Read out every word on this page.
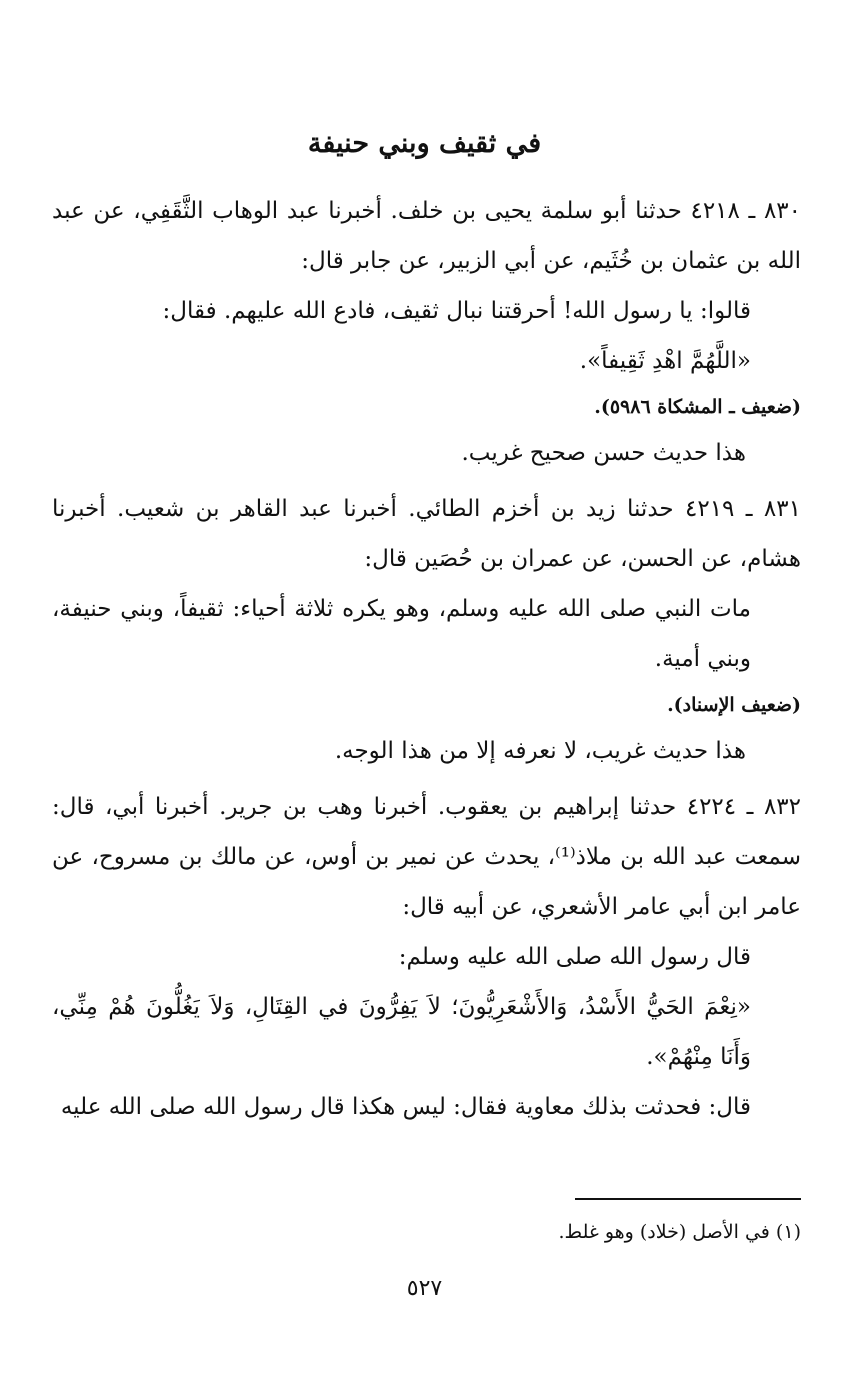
في ثقيف وبني حنيفة

٨٣٠ ـ ٤٢١٨ حدثنا أبو سلمة يحيى بن خلف. أخبرنا عبد الوهاب الثَّقَفِي، عن عبد الله بن عثمان بن خُثَيم، عن أبي الزبير، عن جابر قال:

قالوا: يا رسول الله! أحرقتنا نبال ثقيف، فادع الله عليهم. فقال:

«اللَّهُمَّ اهْدِ ثَقِيفاً».

(ضعيف ـ المشكاة ٥٩٨٦).

هذا حديث حسن صحيح غريب.

٨٣١ ـ ٤٢١٩ حدثنا زيد بن أخزم الطائي. أخبرنا عبد القاهر بن شعيب. أخبرنا هشام، عن الحسن، عن عمران بن حُصَين قال:

مات النبي صلى الله عليه وسلم، وهو يكره ثلاثة أحياء: ثقيفاً، وبني حنيفة، وبني أمية.

(ضعيف الإسناد).

هذا حديث غريب، لا نعرفه إلا من هذا الوجه.

٨٣٢ ـ ٤٢٢٤ حدثنا إبراهيم بن يعقوب. أخبرنا وهب بن جرير. أخبرنا أبي، قال: سمعت عبد الله بن ملاذ⁽¹⁾، يحدث عن نمير بن أوس، عن مالك بن مسروح، عن عامر ابن أبي عامر الأشعري، عن أبيه قال:

قال رسول الله صلى الله عليه وسلم:

«نِعْمَ الحَيُّ الأَسْدُ، وَالأَشْعَرِيُّونَ؛ لاَ يَفِرُّونَ في القِتَالِ، وَلاَ يَغُلُّونَ هُمْ مِنِّي، وَأَنَا مِنْهُمْ».

قال: فحدثت بذلك معاوية فقال: ليس هكذا قال رسول الله صلى الله عليه

(١) في الأصل (خلاد) وهو غلط.
٥٢٧
